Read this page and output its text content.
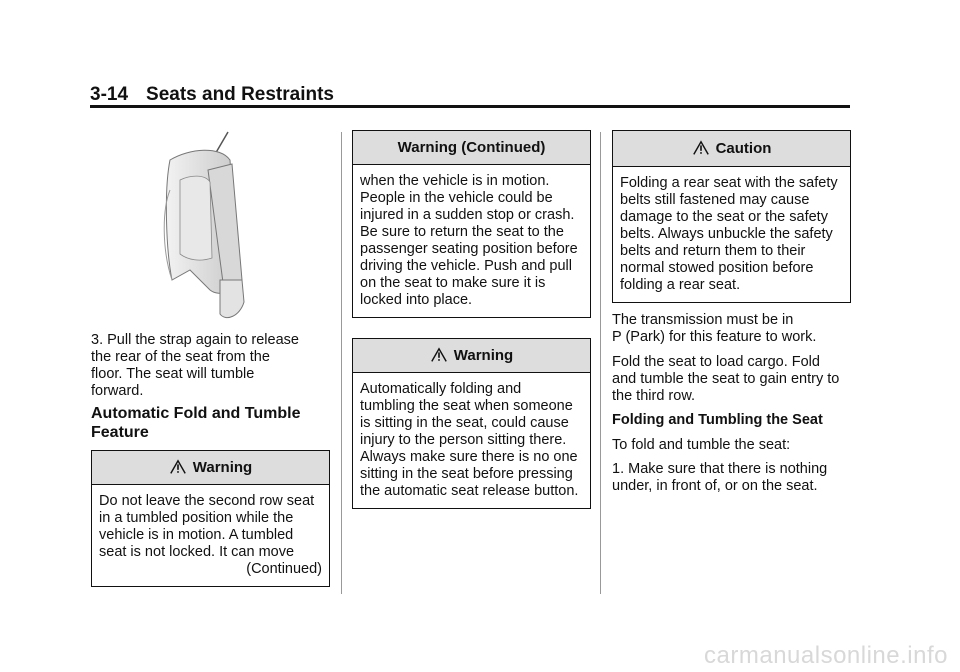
3-14 Seats and Restraints

3. Pull the strap again to release
the rear of the seat from the
floor. The seat will tumble
forward.

Automatic Fold and Tumble
Feature
Warning
Do not leave the second row seat
in a tumbled position while the
vehicle is in motion. A tumbled
seat is not locked. It can move
(Continued)
Warning (Continued)
when the vehicle is in motion.
People in the vehicle could be
injured in a sudden stop or crash.
Be sure to return the seat to the
passenger seating position before
driving the vehicle. Push and pull
on the seat to make sure it is
locked into place.
Warning
Automatically folding and
tumbling the seat when someone
is sitting in the seat, could cause
injury to the person sitting there.
Always make sure there is no one
sitting in the seat before pressing
the automatic seat release button.
Caution
Folding a rear seat with the safety
belts still fastened may cause
damage to the seat or the safety
belts. Always unbuckle the safety
belts and return them to their
normal stowed position before
folding a rear seat.

The transmission must be in
P (Park) for this feature to work.

Fold the seat to load cargo. Fold
and tumble the seat to gain entry to
the third row.

Folding and Tumbling the Seat

To fold and tumble the seat:

1. Make sure that there is nothing
under, in front of, or on the seat.

carmanualsonline.info
